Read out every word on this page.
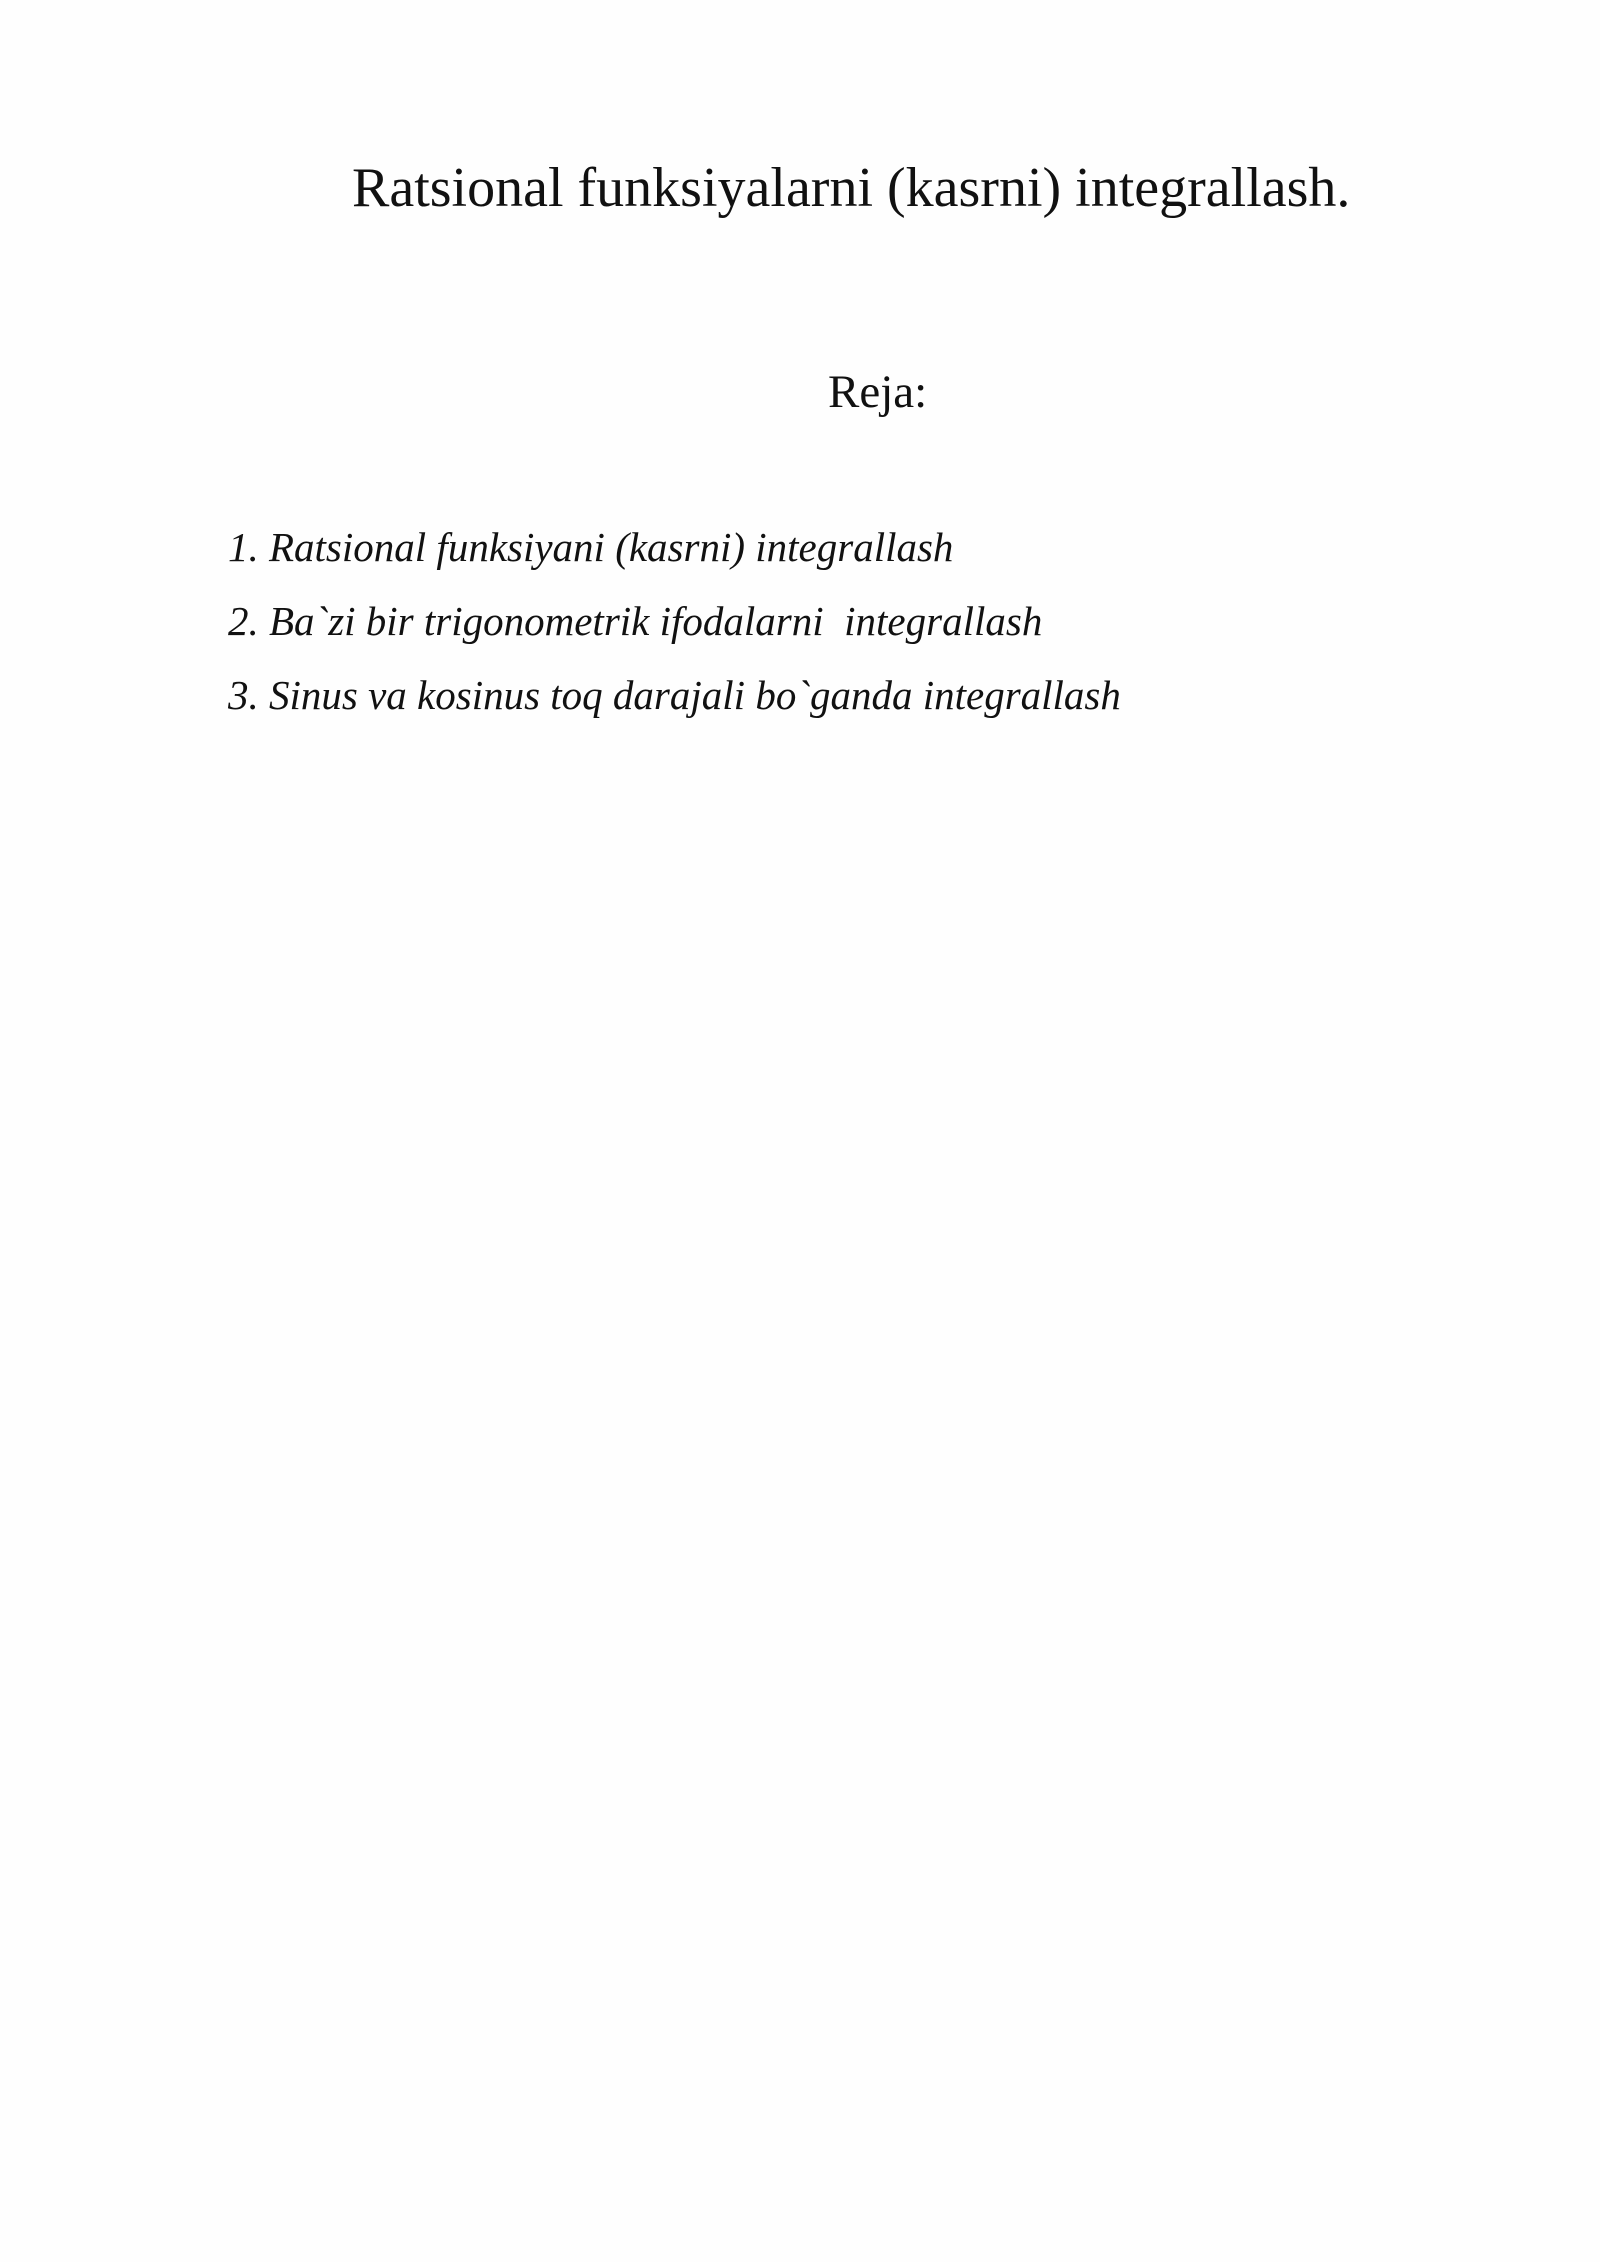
Ratsional funksiyalarni (kasrni) integrallash.
Reja:
1. Ratsional funksiyani (kasrni) integrallash
2. Ba`zi bir trigonometrik ifodalarni  integrallash
3. Sinus va kosinus toq darajali bo`ganda integrallash
